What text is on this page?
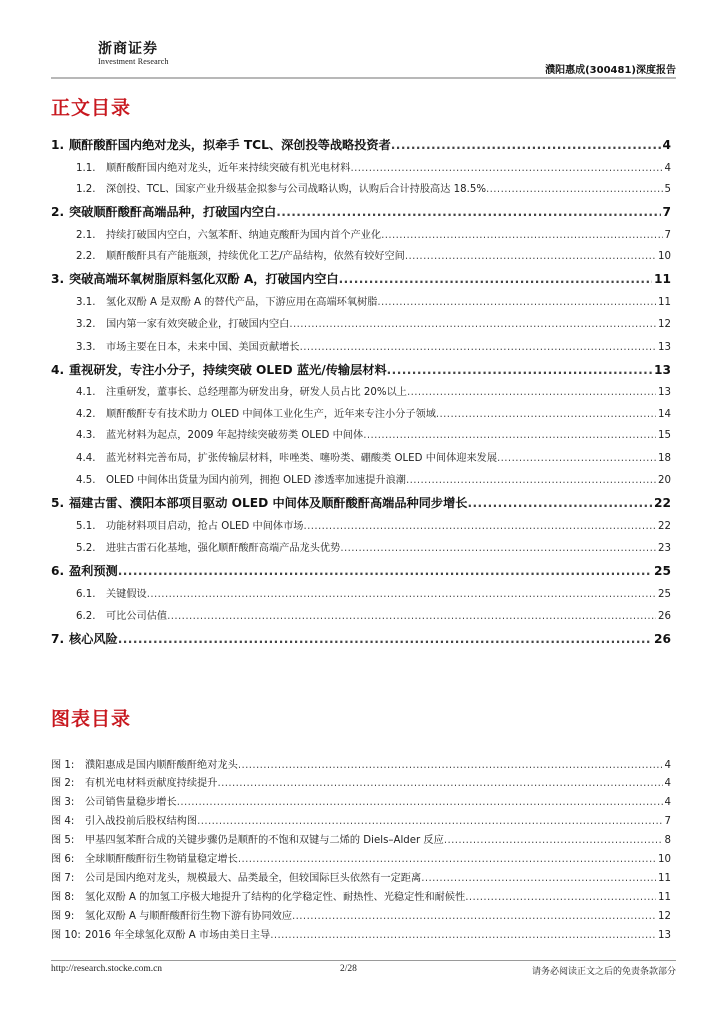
浙商证券
Investment Research
濮阳惠成(300481)深度报告
正文目录
1. 顺酐酸酐国内绝对龙头，拟牵手 TCL、深创投等战略投资者 .....	4
1.1.	顺酐酸酐国内绝对龙头，近年来持续突破有机光电材料 .....	4
1.2.	深创投、TCL、国家产业升级基金拟参与公司战略认购，认购后合计持股高达 18.5% .....	5
2. 突破顺酐酸酐高端品种，打破国内空白 .....	7
2.1.	持续打破国内空白，六氢苯酐、纳迪克酸酐为国内首个产业化 .....	7
2.2.	顺酐酸酐具有产能瓶颈，持续优化工艺/产品结构，依然有较好空间 .....	10
3. 突破高端环氧树脂原料氢化双酚 A，打破国内空白 .....	11
3.1.	氢化双酚 A 是双酚 A 的替代产品，下游应用在高端环氧树脂 .....	11
3.2.	国内第一家有效突破企业，打破国内空白 .....	12
3.3.	市场主要在日本，未来中国、美国贡献增长 .....	13
4. 重视研发，专注小分子，持续突破 OLED 蓝光/传输层材料 .....	13
4.1.	注重研发，董事长、总经理都为研发出身，研发人员占比 20%以上 .....	13
4.2.	顺酐酸酐专有技术助力 OLED 中间体工业化生产，近年来专注小分子领域 .....	14
4.3.	蓝光材料为起点，2009 年起持续突破芴类 OLED 中间体 .....	15
4.4.	蓝光材料完善布局，扩张传输层材料，咔唑类、噻吩类、硼酸类 OLED 中间体迎来发展 .....	18
4.5.	OLED 中间体出货量为国内前列，拥抱 OLED 渗透率加速提升浪潮 .....	20
5. 福建古雷、濮阳本部项目驱动 OLED 中间体及顺酐酸酐高端品种同步增长 .....	22
5.1.	功能材料项目启动，抢占 OLED 中间体市场 .....	22
5.2.	进驻古雷石化基地，强化顺酐酸酐高端产品龙头优势 .....	23
6. 盈利预测 .....	25
6.1.	关键假设 .....	25
6.2.	可比公司估值 .....	26
7. 核心风险 .....	26
图表目录
图 1:	濮阳惠成是国内顺酐酸酐绝对龙头 .....	4
图 2:	有机光电材料贡献度持续提升 .....	4
图 3:	公司销售量稳步增长 .....	4
图 4:	引入战投前后股权结构图 .....	7
图 5:	甲基四氢苯酐合成的关键步骤仍是顺酐的不饱和双键与二烯的 Diels–Alder 反应 .....	8
图 6:	全球顺酐酸酐衍生物销量稳定增长 .....	10
图 7:	公司是国内绝对龙头，规模最大、品类最全，但较国际巨头依然有一定距离 .....	11
图 8:	氢化双酚 A 的加氢工序极大地提升了结构的化学稳定性、耐热性、光稳定性和耐候性 .....	11
图 9:	氢化双酚 A 与顺酐酸酐衍生物下游有协同效应 .....	12
图 10: 2016 年全球氢化双酚 A 市场由美日主导 .....	13
http://research.stocke.com.cn	2/28	请务必阅读正文之后的免责条款部分
